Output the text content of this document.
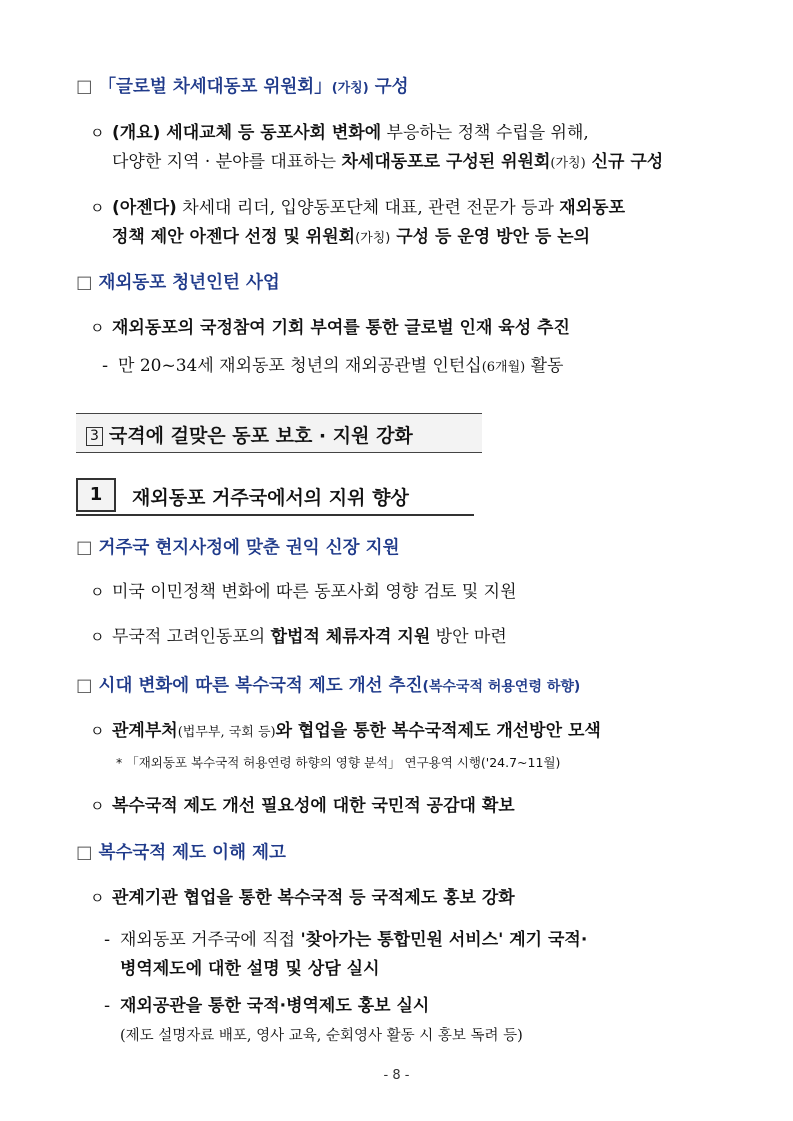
□ 「글로벌 차세대동포 위원회」(가칭) 구성
ㅇ (개요) 세대교체 등 동포사회 변화에 부응하는 정책 수립을 위해,
다양한 지역 · 분야를 대표하는 차세대동포로 구성된 위원회(가칭) 신규 구성
ㅇ (아젠다) 차세대 리더, 입양동포단체 대표, 관련 전문가 등과 재외동포
정책 제안 아젠다 선정 및 위원회(가칭) 구성 등 운영 방안 등 논의
□ 재외동포 청년인턴 사업
ㅇ 재외동포의 국정참여 기회 부여를 통한 글로벌 인재 육성 추진
- 만 20~34세 재외동포 청년의 재외공관별 인턴십(6개월) 활동
3 국격에 걸맞은 동포 보호 · 지원 강화
1	재외동포 거주국에서의 지위 향상
□ 거주국 현지사정에 맞춘 권익 신장 지원
ㅇ 미국 이민정책 변화에 따른 동포사회 영향 검토 및 지원
ㅇ 무국적 고려인동포의 합법적 체류자격 지원 방안 마련
□ 시대 변화에 따른 복수국적 제도 개선 추진(복수국적 허용연령 하향)
ㅇ 관계부처(법무부, 국회 등)와 협업을 통한 복수국적제도 개선방안 모색
* 「재외동포 복수국적 허용연령 하향의 영향 분석」 연구용역 시행('24.7~11월)
ㅇ 복수국적 제도 개선 필요성에 대한 국민적 공감대 확보
□ 복수국적 제도 이해 제고
ㅇ 관계기관 협업을 통한 복수국적 등 국적제도 홍보 강화
- 재외동포 거주국에 직접 '찾아가는 통합민원 서비스' 계기 국적·
병역제도에 대한 설명 및 상담 실시
- 재외공관을 통한 국적·병역제도 홍보 실시
(제도 설명자료 배포, 영사 교육, 순회영사 활동 시 홍보 독려 등)
- 8 -
